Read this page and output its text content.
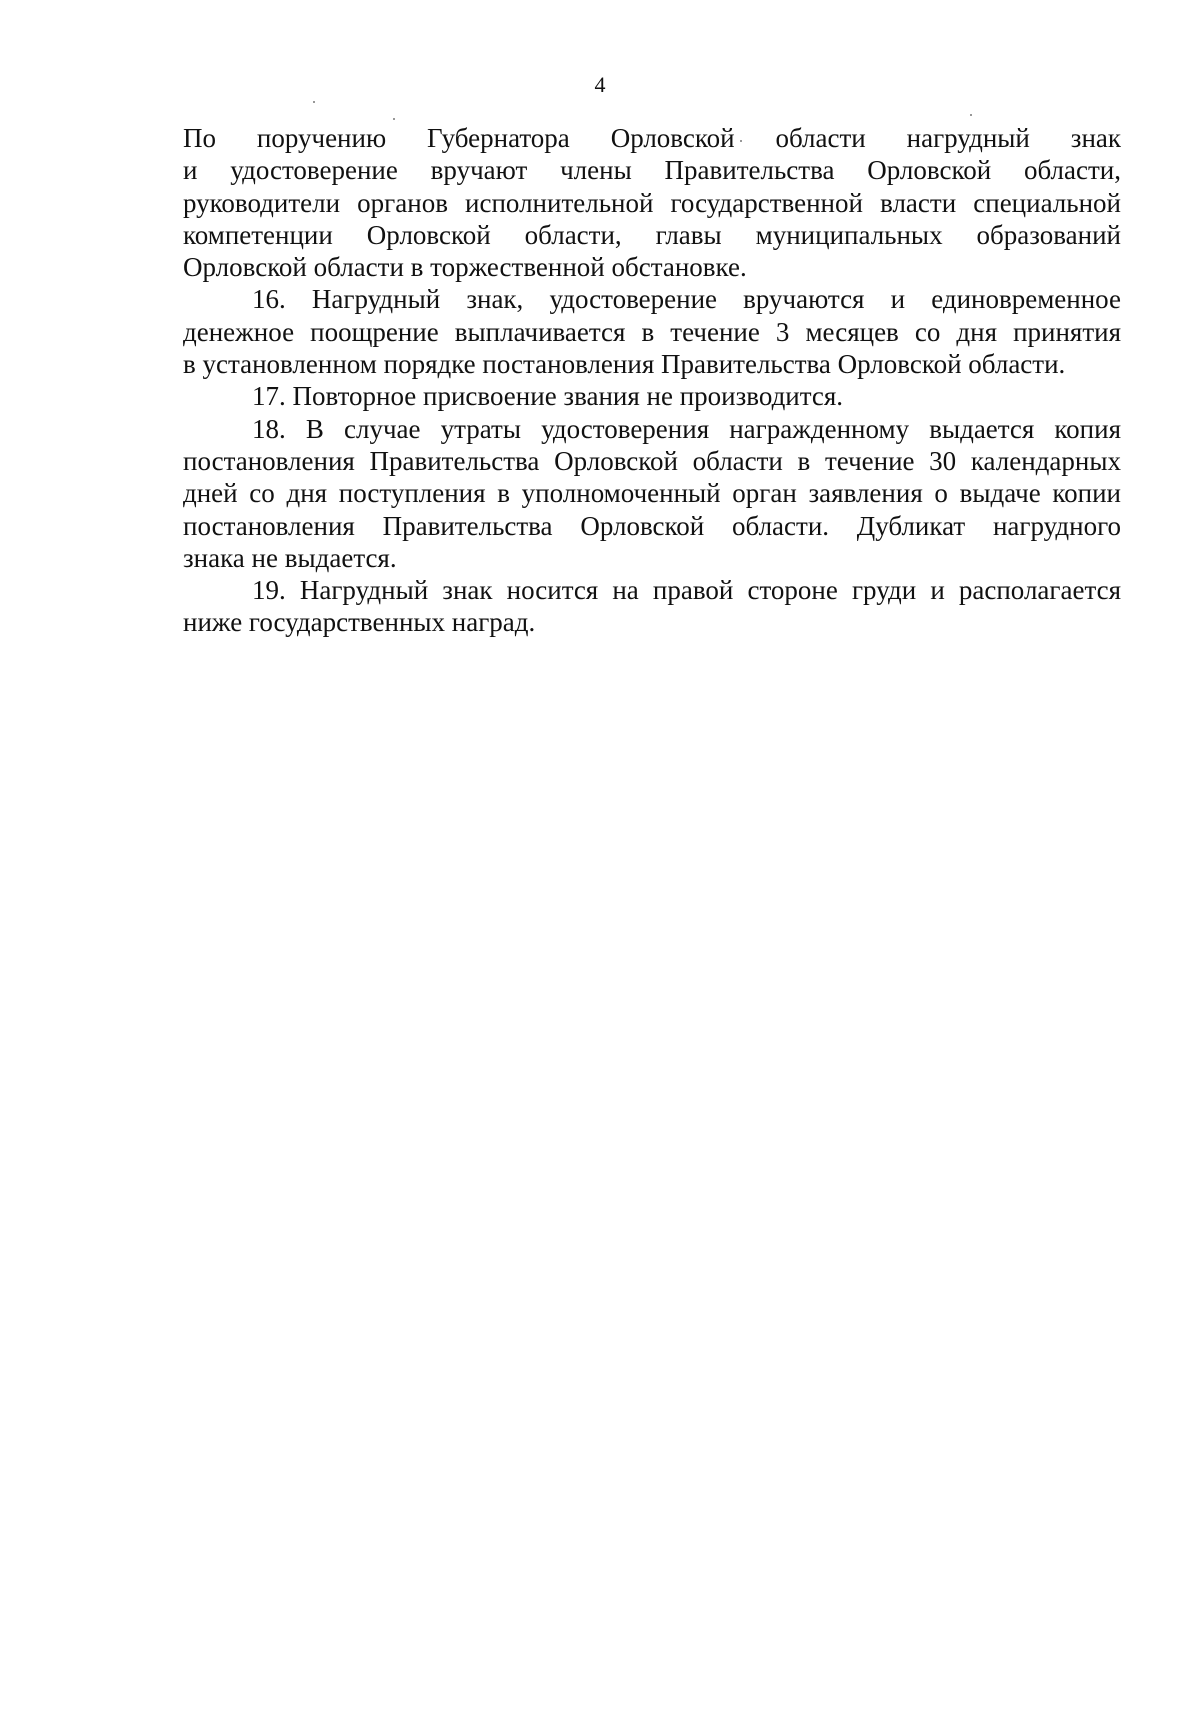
4
По поручению Губернатора Орловской области нагрудный знак
и удостоверение вручают члены Правительства Орловской области,
руководители органов исполнительной государственной власти специальной
компетенции Орловской области, главы муниципальных образований
Орловской области в торжественной обстановке.
16. Нагрудный знак, удостоверение вручаются и единовременное
денежное поощрение выплачивается в течение 3 месяцев со дня принятия
в установленном порядке постановления Правительства Орловской области.
17. Повторное присвоение звания не производится.
18. В случае утраты удостоверения награжденному выдается копия
постановления Правительства Орловской области в течение 30 календарных
дней со дня поступления в уполномоченный орган заявления о выдаче копии
постановления Правительства Орловской области. Дубликат нагрудного
знака не выдается.
19. Нагрудный знак носится на правой стороне груди и располагается
ниже государственных наград.
